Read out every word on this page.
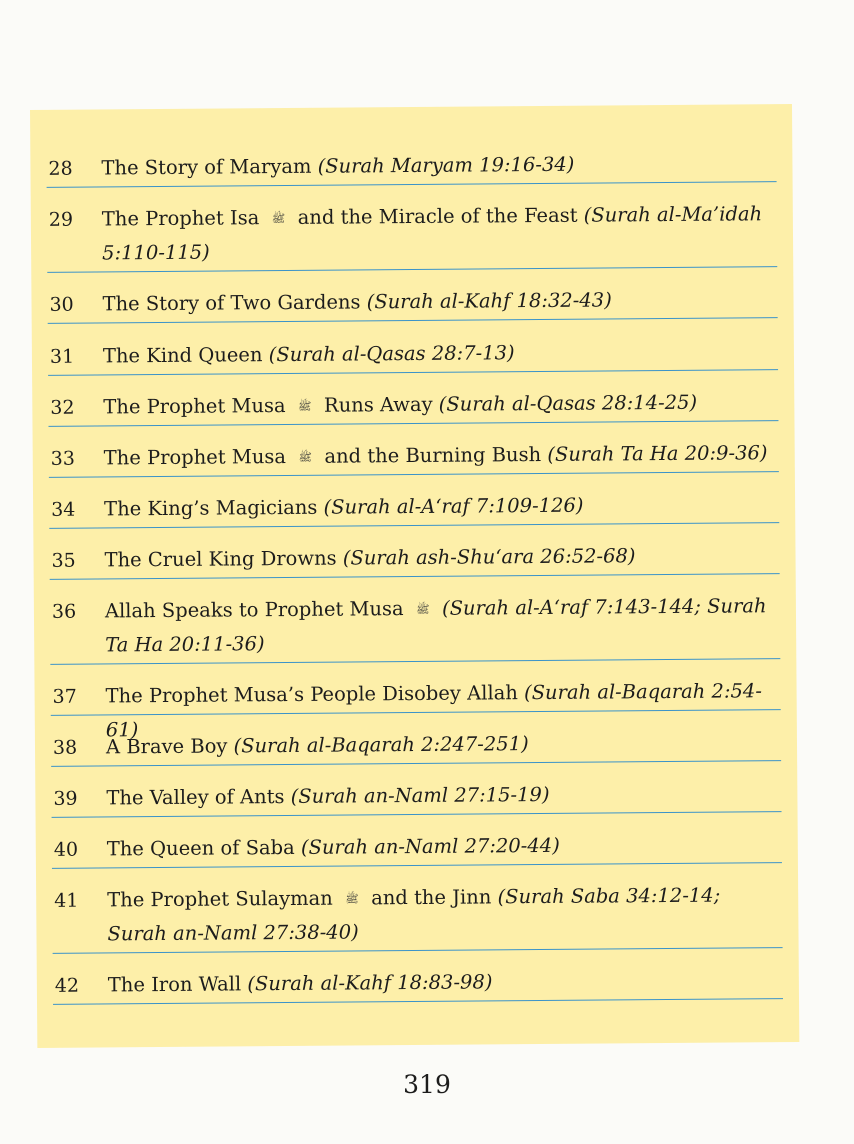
28 The Story of Maryam (Surah Maryam 19:16-34)
29 The Prophet Isa ﷺ and the Miracle of the Feast (Surah al-Ma’idah 5:110-115)
30 The Story of Two Gardens (Surah al-Kahf 18:32-43)
31 The Kind Queen (Surah al-Qasas 28:7-13)
32 The Prophet Musa ﷺ Runs Away (Surah al-Qasas 28:14-25)
33 The Prophet Musa ﷺ and the Burning Bush (Surah Ta Ha 20:9-36)
34 The King’s Magicians (Surah al-A‘raf 7:109-126)
35 The Cruel King Drowns (Surah ash-Shu‘ara 26:52-68)
36 Allah Speaks to Prophet Musa ﷺ (Surah al-A‘raf 7:143-144; Surah Ta Ha 20:11-36)
37 The Prophet Musa’s People Disobey Allah (Surah al-Baqarah 2:54-61)
38 A Brave Boy (Surah al-Baqarah 2:247-251)
39 The Valley of Ants (Surah an-Naml 27:15-19)
40 The Queen of Saba (Surah an-Naml 27:20-44)
41 The Prophet Sulayman ﷺ and the Jinn (Surah Saba 34:12-14; Surah an-Naml 27:38-40)
42 The Iron Wall (Surah al-Kahf 18:83-98)
319
